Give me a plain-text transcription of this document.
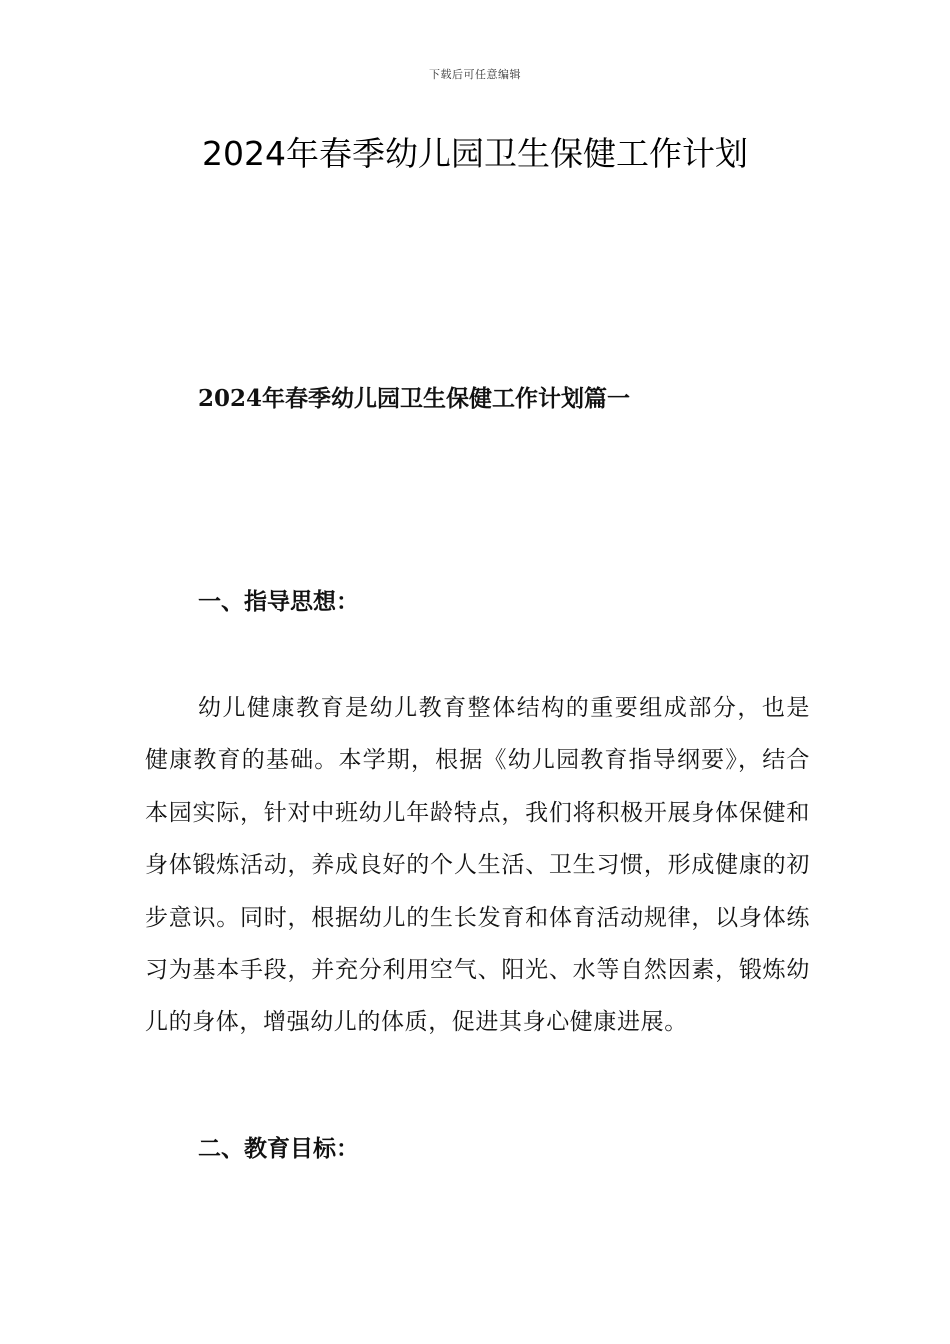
下载后可任意编辑
2024年春季幼儿园卫生保健工作计划
2024年春季幼儿园卫生保健工作计划篇一
一、指导思想：

幼儿健康教育是幼儿教育整体结构的重要组成部分，也是健康教育的基础。本学期，根据《幼儿园教育指导纲要》，结合本园实际，针对中班幼儿年龄特点，我们将积极开展身体保健和身体锻炼活动，养成良好的个人生活、卫生习惯，形成健康的初步意识。同时，根据幼儿的生长发育和体育活动规律，以身体练习为基本手段，并充分利用空气、阳光、水等自然因素，锻炼幼儿的身体，增强幼儿的体质，促进其身心健康进展。

二、教育目标：
